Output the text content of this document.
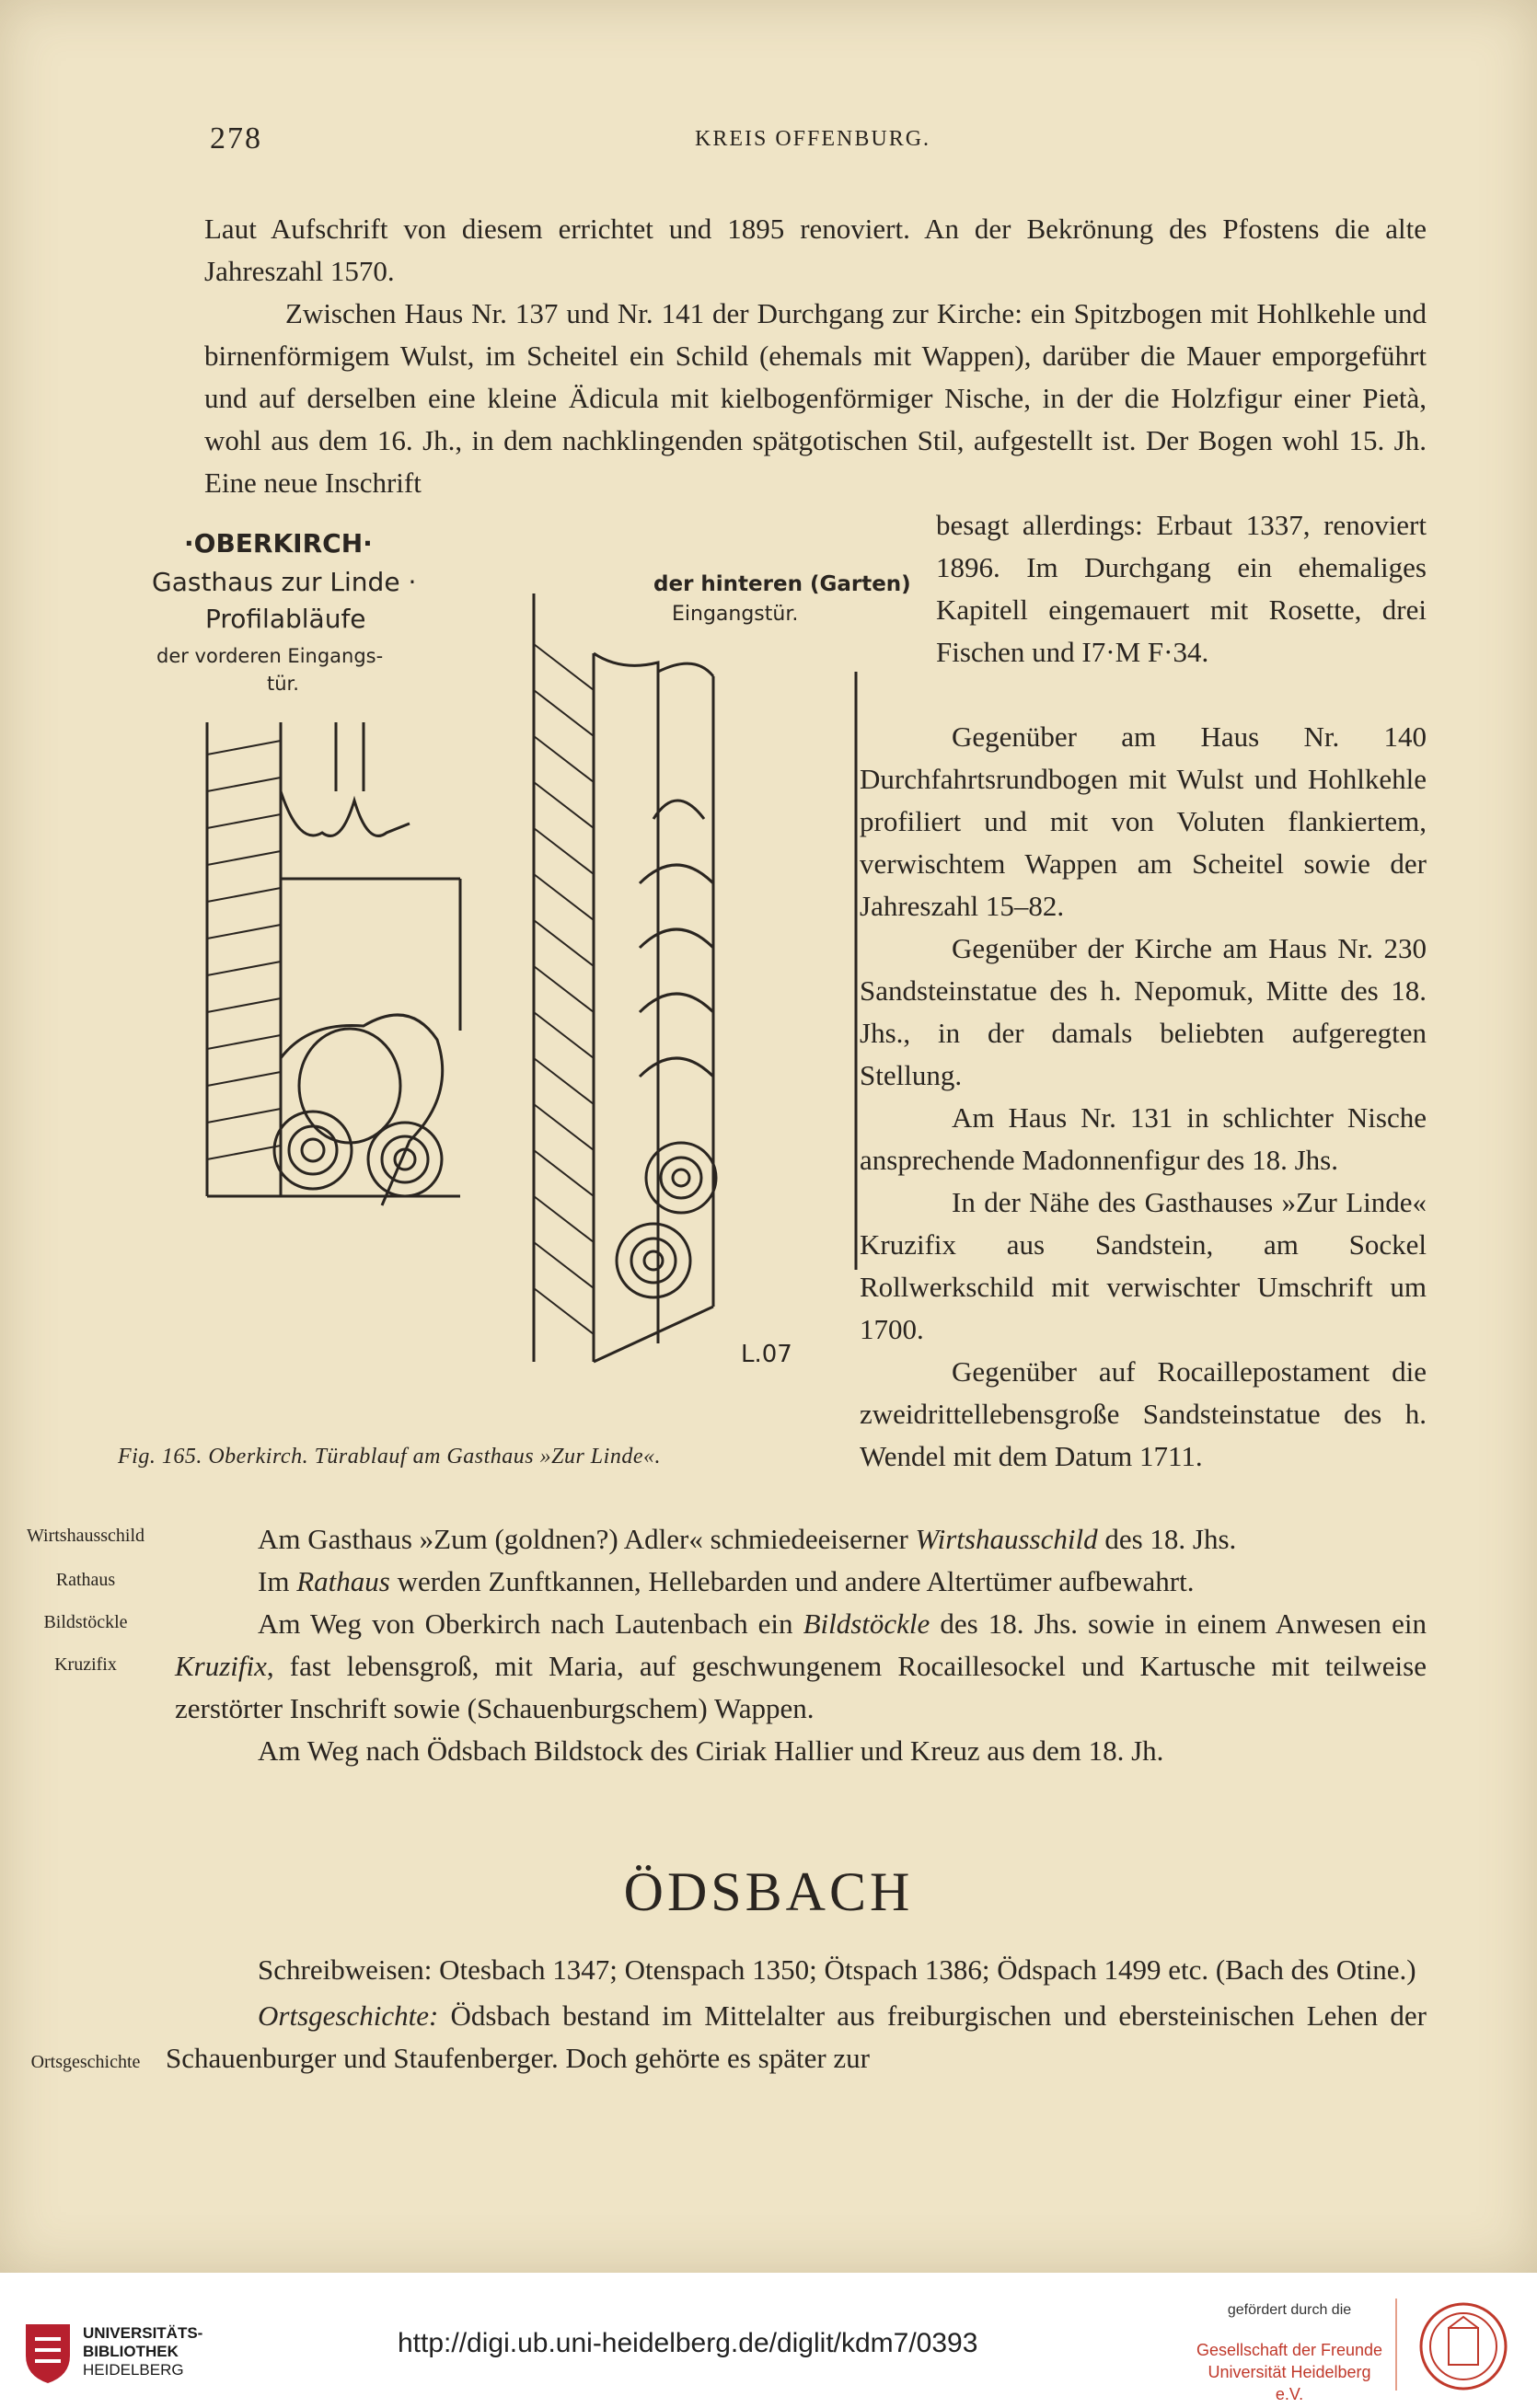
278	KREIS OFFENBURG.

Laut Aufschrift von diesem errichtet und 1895 renoviert. An der Bekrönung des Pfostens die alte Jahreszahl 1570.

Zwischen Haus Nr. 137 und Nr. 141 der Durchgang zur Kirche: ein Spitzbogen mit Hohlkehle und birnenförmigem Wulst, im Scheitel ein Schild (ehemals mit Wappen), darüber die Mauer emporgeführt und auf derselben eine kleine Ädicula mit kielbogenförmiger Nische, in der die Holzfigur einer Pietà, wohl aus dem 16. Jh., in dem nachklingenden spätgotischen Stil, aufgestellt ist. Der Bogen wohl 15. Jh. Eine neue Inschrift

besagt allerdings: Erbaut 1337, renoviert 1896. Im Durchgang ein ehemaliges Kapitell eingemauert mit Rosette, drei Fischen und I7·M F·34.
Gegenüber am Haus Nr. 140 Durchfahrtsrundbogen mit Wulst und Hohlkehle profiliert und mit von Voluten flankiertem, verwischtem Wappen am Scheitel sowie der Jahreszahl 15–82.
Gegenüber der Kirche am Haus Nr. 230 Sandsteinstatue des h. Nepomuk, Mitte des 18. Jhs., in der damals beliebten aufgeregten Stellung.
Am Haus Nr. 131 in schlichter Nische ansprechende Madonnenfigur des 18. Jhs.
In der Nähe des Gasthauses »Zur Linde« Kruzifix aus Sandstein, am Sockel Rollwerkschild mit verwischter Umschrift um 1700.
Gegenüber auf Rocaillepostament die zweidrittellebensgroße Sandsteinstatue des h. Wendel mit dem Datum 1711.
·OBERKIRCH·
Gasthaus zur Linde ·
Profilabläufe
der vorderen Eingangs-
tür.
der hinteren (Garten)
Eingangstür.
L.07
Fig. 165. Oberkirch. Türablauf am Gasthaus »Zur Linde«.
Wirtshausschild
Rathaus
Bildstöckle
Kruzifix
Ortsgeschichte
Am Gasthaus »Zum (goldnen?) Adler« schmiedeeiserner Wirtshausschild des 18. Jhs.
Im Rathaus werden Zunftkannen, Hellebarden und andere Altertümer aufbewahrt.
Am Weg von Oberkirch nach Lautenbach ein Bildstöckle des 18. Jhs. sowie in einem Anwesen ein Kruzifix, fast lebensgroß, mit Maria, auf geschwungenem Rocaillesockel und Kartusche mit teilweise zerstörter Inschrift sowie (Schauenburgschem) Wappen.
Am Weg nach Ödsbach Bildstock des Ciriak Hallier und Kreuz aus dem 18. Jh.
ÖDSBACH
Schreibweisen: Otesbach 1347; Otenspach 1350; Ötspach 1386; Ödspach 1499 etc. (Bach des Otine.)
Ortsgeschichte: Ödsbach bestand im Mittelalter aus freiburgischen und ebersteinischen Lehen der Schauenburger und Staufenberger. Doch gehörte es später zur
UNIVERSITÄTS-
BIBLIOTHEK
HEIDELBERG
http://digi.ub.uni-heidelberg.de/diglit/kdm7/0393
gefördert durch die
Gesellschaft der Freunde
Universität Heidelberg e.V.
